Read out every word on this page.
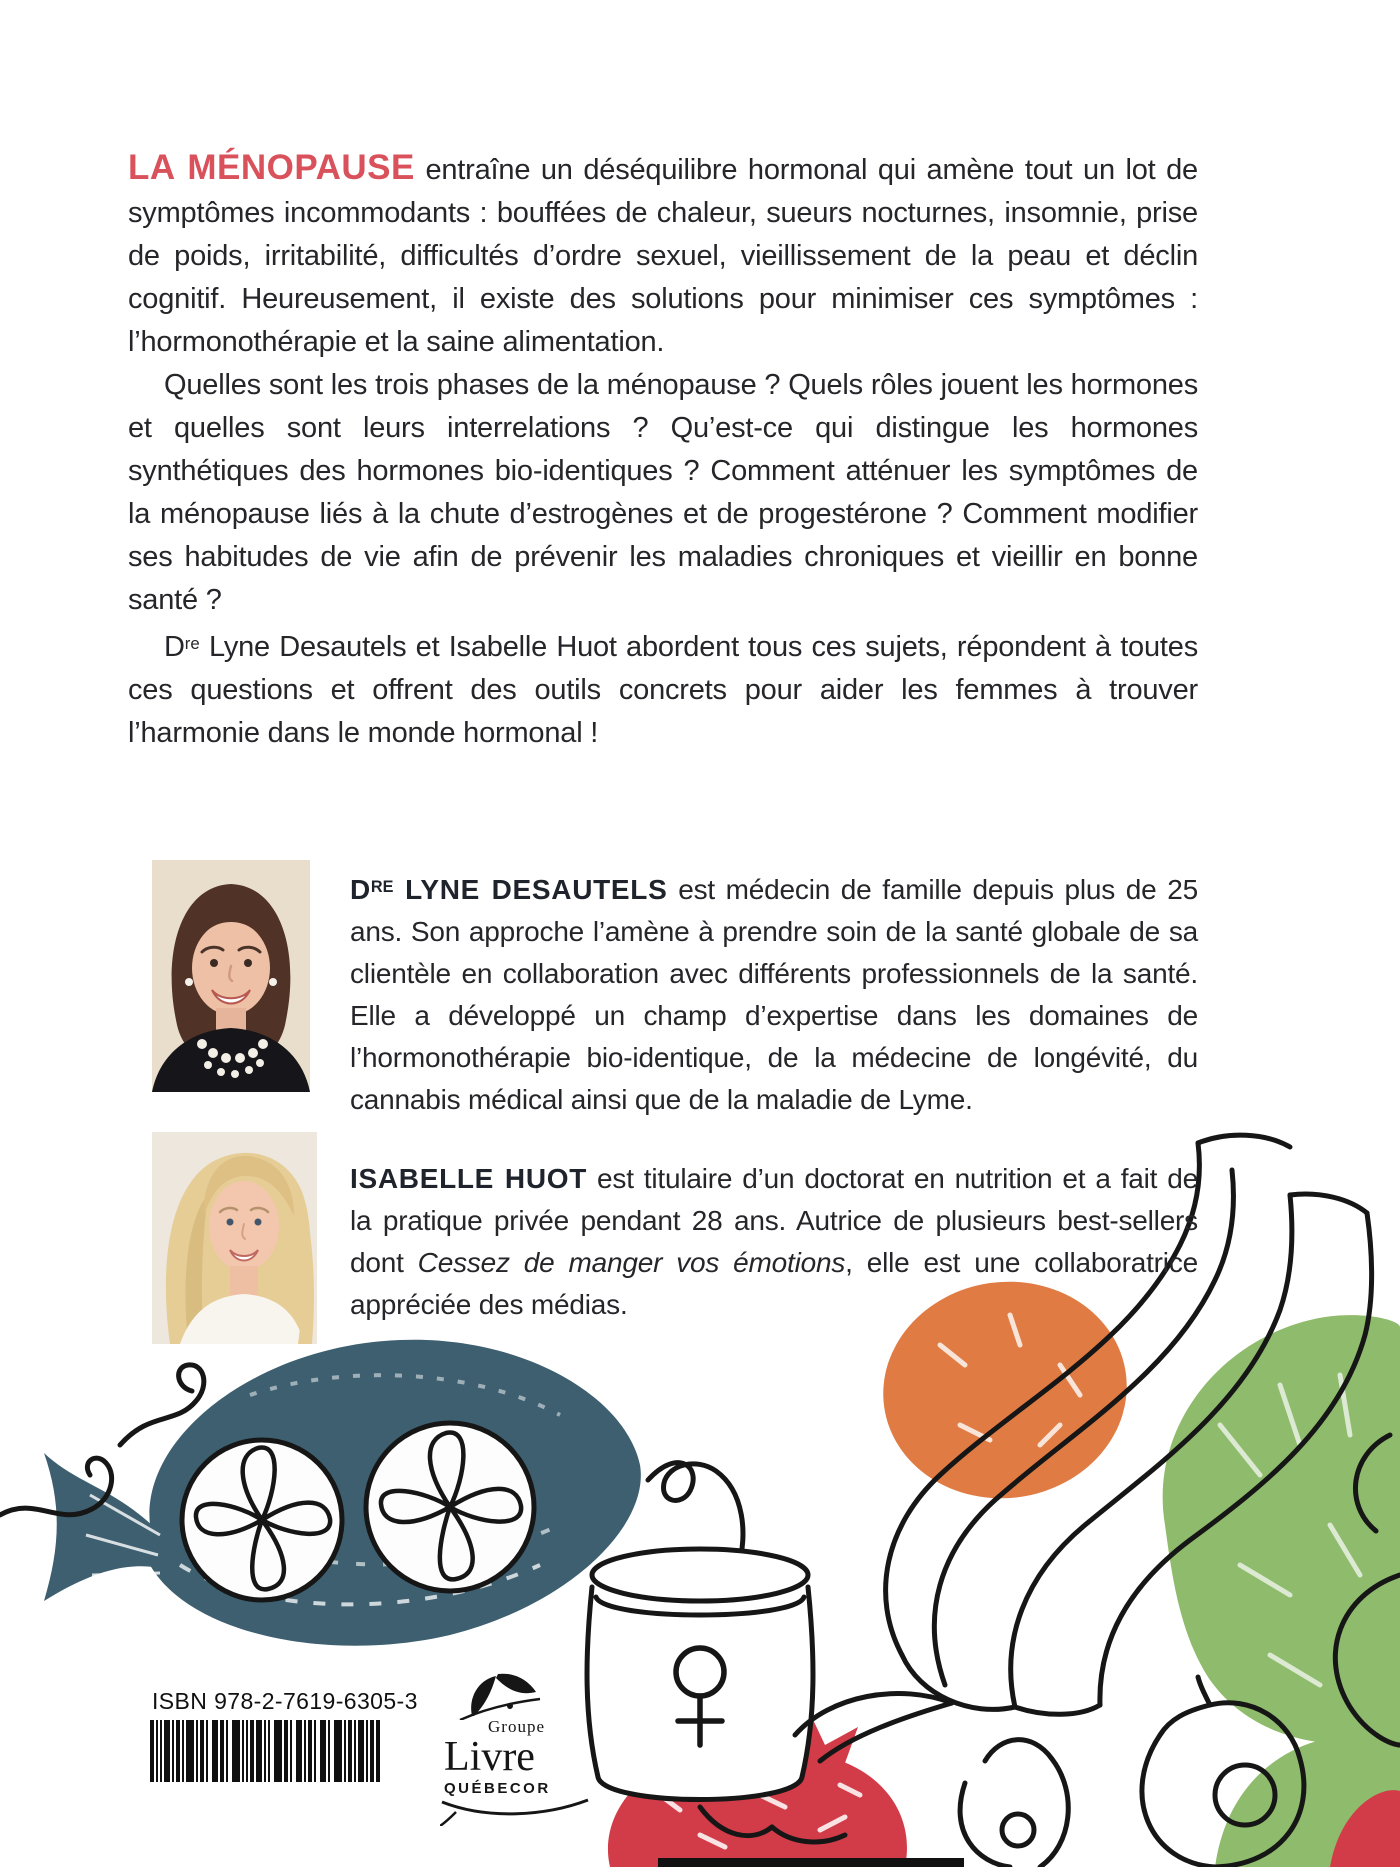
LA MÉNOPAUSE entraîne un déséquilibre hormonal qui amène tout un lot de symptômes incommodants : bouffées de chaleur, sueurs nocturnes, insomnie, prise de poids, irritabilité, difficultés d’ordre sexuel, vieillissement de la peau et déclin cognitif. Heureusement, il existe des solutions pour minimiser ces symptômes : l’hormonothérapie et la saine alimentation.

Quelles sont les trois phases de la ménopause ? Quels rôles jouent les hormones et quelles sont leurs interrelations ? Qu’est-ce qui distingue les hormones synthétiques des hormones bio-identiques ? Comment atténuer les symptômes de la ménopause liés à la chute d’estrogènes et de progestérone ? Comment modifier ses habitudes de vie afin de prévenir les maladies chroniques et vieillir en bonne santé ?

Dre Lyne Desautels et Isabelle Huot abordent tous ces sujets, répondent à toutes ces questions et offrent des outils concrets pour aider les femmes à trouver l’harmonie dans le monde hormonal !

DRE LYNE DESAUTELS est médecin de famille depuis plus de 25 ans. Son approche l’amène à prendre soin de la santé globale de sa clientèle en collaboration avec différents professionnels de la santé. Elle a développé un champ d’expertise dans les domaines de l’hormonothérapie bio-identique, de la médecine de longévité, du cannabis médical ainsi que de la maladie de Lyme.

ISABELLE HUOT est titulaire d’un doctorat en nutrition et a fait de la pratique privée pendant 28 ans. Autrice de plusieurs best-sellers dont Cessez de manger vos émotions, elle est une collaboratrice appréciée des médias.

ISBN 978-2-7619-6305-3

Groupe
Livre
QUÉBECOR
